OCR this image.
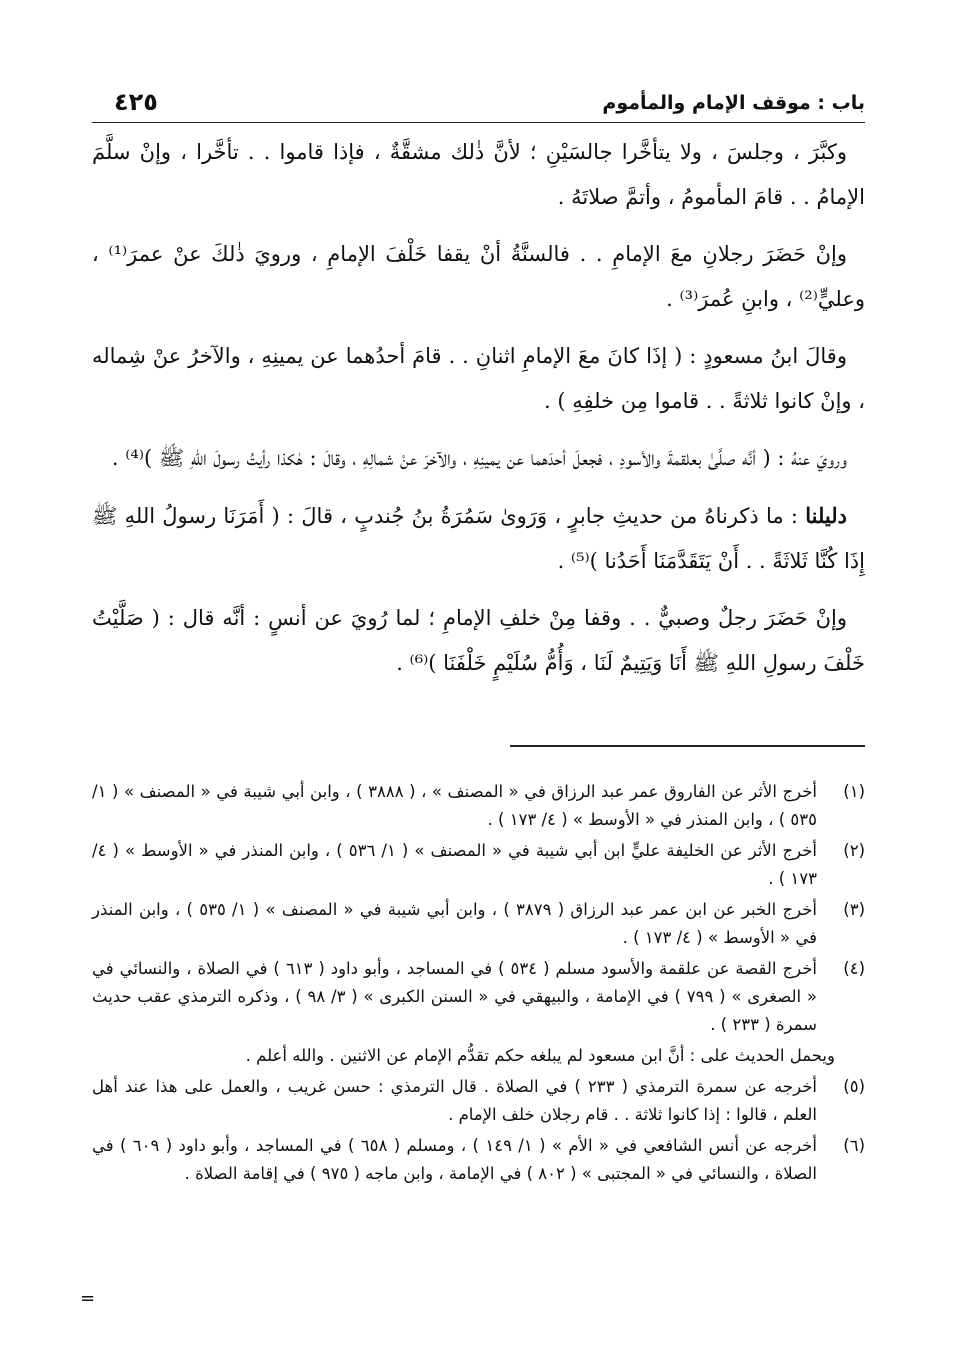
باب : موقف الإمام والمأموم
٤٢٥

وكبَّرَ ، وجلسَ ، ولا يتأخَّرا جالسَيْنِ ؛ لأنَّ ذٰلك مشقَّةٌ ، فإذا قاموا . . تأخَّرا ، وإنْ سلَّمَ الإمامُ . . قامَ المأمومُ ، وأتمَّ صلاتَهُ .

وإنْ حَضَرَ رجلانِ معَ الإمامِ . . فالسنَّةُ أنْ يقفا خَلْفَ الإمامِ ، ورويَ ذٰلكَ عنْ عمرَ⁽¹⁾ ، وعليٍّ⁽²⁾ ، وابنِ عُمرَ⁽³⁾ .

وقالَ ابنُ مسعودٍ : ( إذَا كانَ معَ الإمامِ اثنانِ . . قامَ أحدُهما عن يمينِهِ ، والآخرُ عنْ شِماله ، وإنْ كانوا ثلاثةً . . قاموا مِن خلفِهِ ) .

ورويَ عنهُ : ( أنَّه صلَّىٰ بعلقمةَ والأسودِ ، فجعلَ أحدَهما عن يمينِهِ ، والآخرَ عنْ شمالِهِ ، وقالَ : هٰكذا رأيتُ رسولَ اللهِ ﷺ )⁽⁴⁾ .

دليلنا : ما ذكرناهُ من حديثِ جابرٍ ، وَرَوىٰ سَمُرَةُ بنُ جُندبٍ ، قالَ : ( أَمَرَنَا رسولُ اللهِ ﷺ إِذَا كُنَّا ثَلاثَةً . . أَنْ يَتَقَدَّمَنَا أَحَدُنا )⁽⁵⁾ .

وإنْ حَضَرَ رجلٌ وصبيٌّ . . وقفا مِنْ خلفِ الإمامِ ؛ لما رُويَ عن أنسٍ : أنَّه قال : ( صَلَّيْتُ خَلْفَ رسولِ اللهِ ﷺ أَنَا وَيَتِيمٌ لَنَا ، وَأُمُّ سُلَيْمٍ خَلْفَنَا )⁽⁶⁾ .

(١)
أخرج الأثر عن الفاروق عمر عبد الرزاق في « المصنف » ، ( ٣٨٨٨ ) ، وابن أبي شيبة في « المصنف » ( ١/ ٥٣٥ ) ، وابن المنذر في « الأوسط » ( ٤/ ١٧٣ ) .
(٢)
أخرج الأثر عن الخليفة عليٍّ ابن أبي شيبة في « المصنف » ( ١/ ٥٣٦ ) ، وابن المنذر في « الأوسط » ( ٤/ ١٧٣ ) .
(٣)
أخرج الخبر عن ابن عمر عبد الرزاق ( ٣٨٧٩ ) ، وابن أبي شيبة في « المصنف » ( ١/ ٥٣٥ ) ، وابن المنذر في « الأوسط » ( ٤/ ١٧٣ ) .
(٤)
أخرج القصة عن علقمة والأسود مسلم ( ٥٣٤ ) في المساجد ، وأبو داود ( ٦١٣ ) في الصلاة ، والنسائي في « الصغرى » ( ٧٩٩ ) في الإمامة ، والبيهقي في « السنن الكبرى » ( ٣/ ٩٨ ) ، وذكره الترمذي عقب حديث سمرة ( ٢٣٣ ) .
ويحمل الحديث على : أنَّ ابن مسعود لم يبلغه حكم تقدُّم الإمام عن الاثنين . والله أعلم .
(٥)
أخرجه عن سمرة الترمذي ( ٢٣٣ ) في الصلاة . قال الترمذي : حسن غريب ، والعمل على هذا عند أهل العلم ، قالوا : إذا كانوا ثلاثة . . قام رجلان خلف الإمام .
(٦)
أخرجه عن أنس الشافعي في « الأم » ( ١/ ١٤٩ ) ، ومسلم ( ٦٥٨ ) في المساجد ، وأبو داود ( ٦٠٩ ) في الصلاة ، والنسائي في « المجتبى » ( ٨٠٢ ) في الإمامة ، وابن ماجه ( ٩٧٥ ) في إقامة الصلاة .
=
